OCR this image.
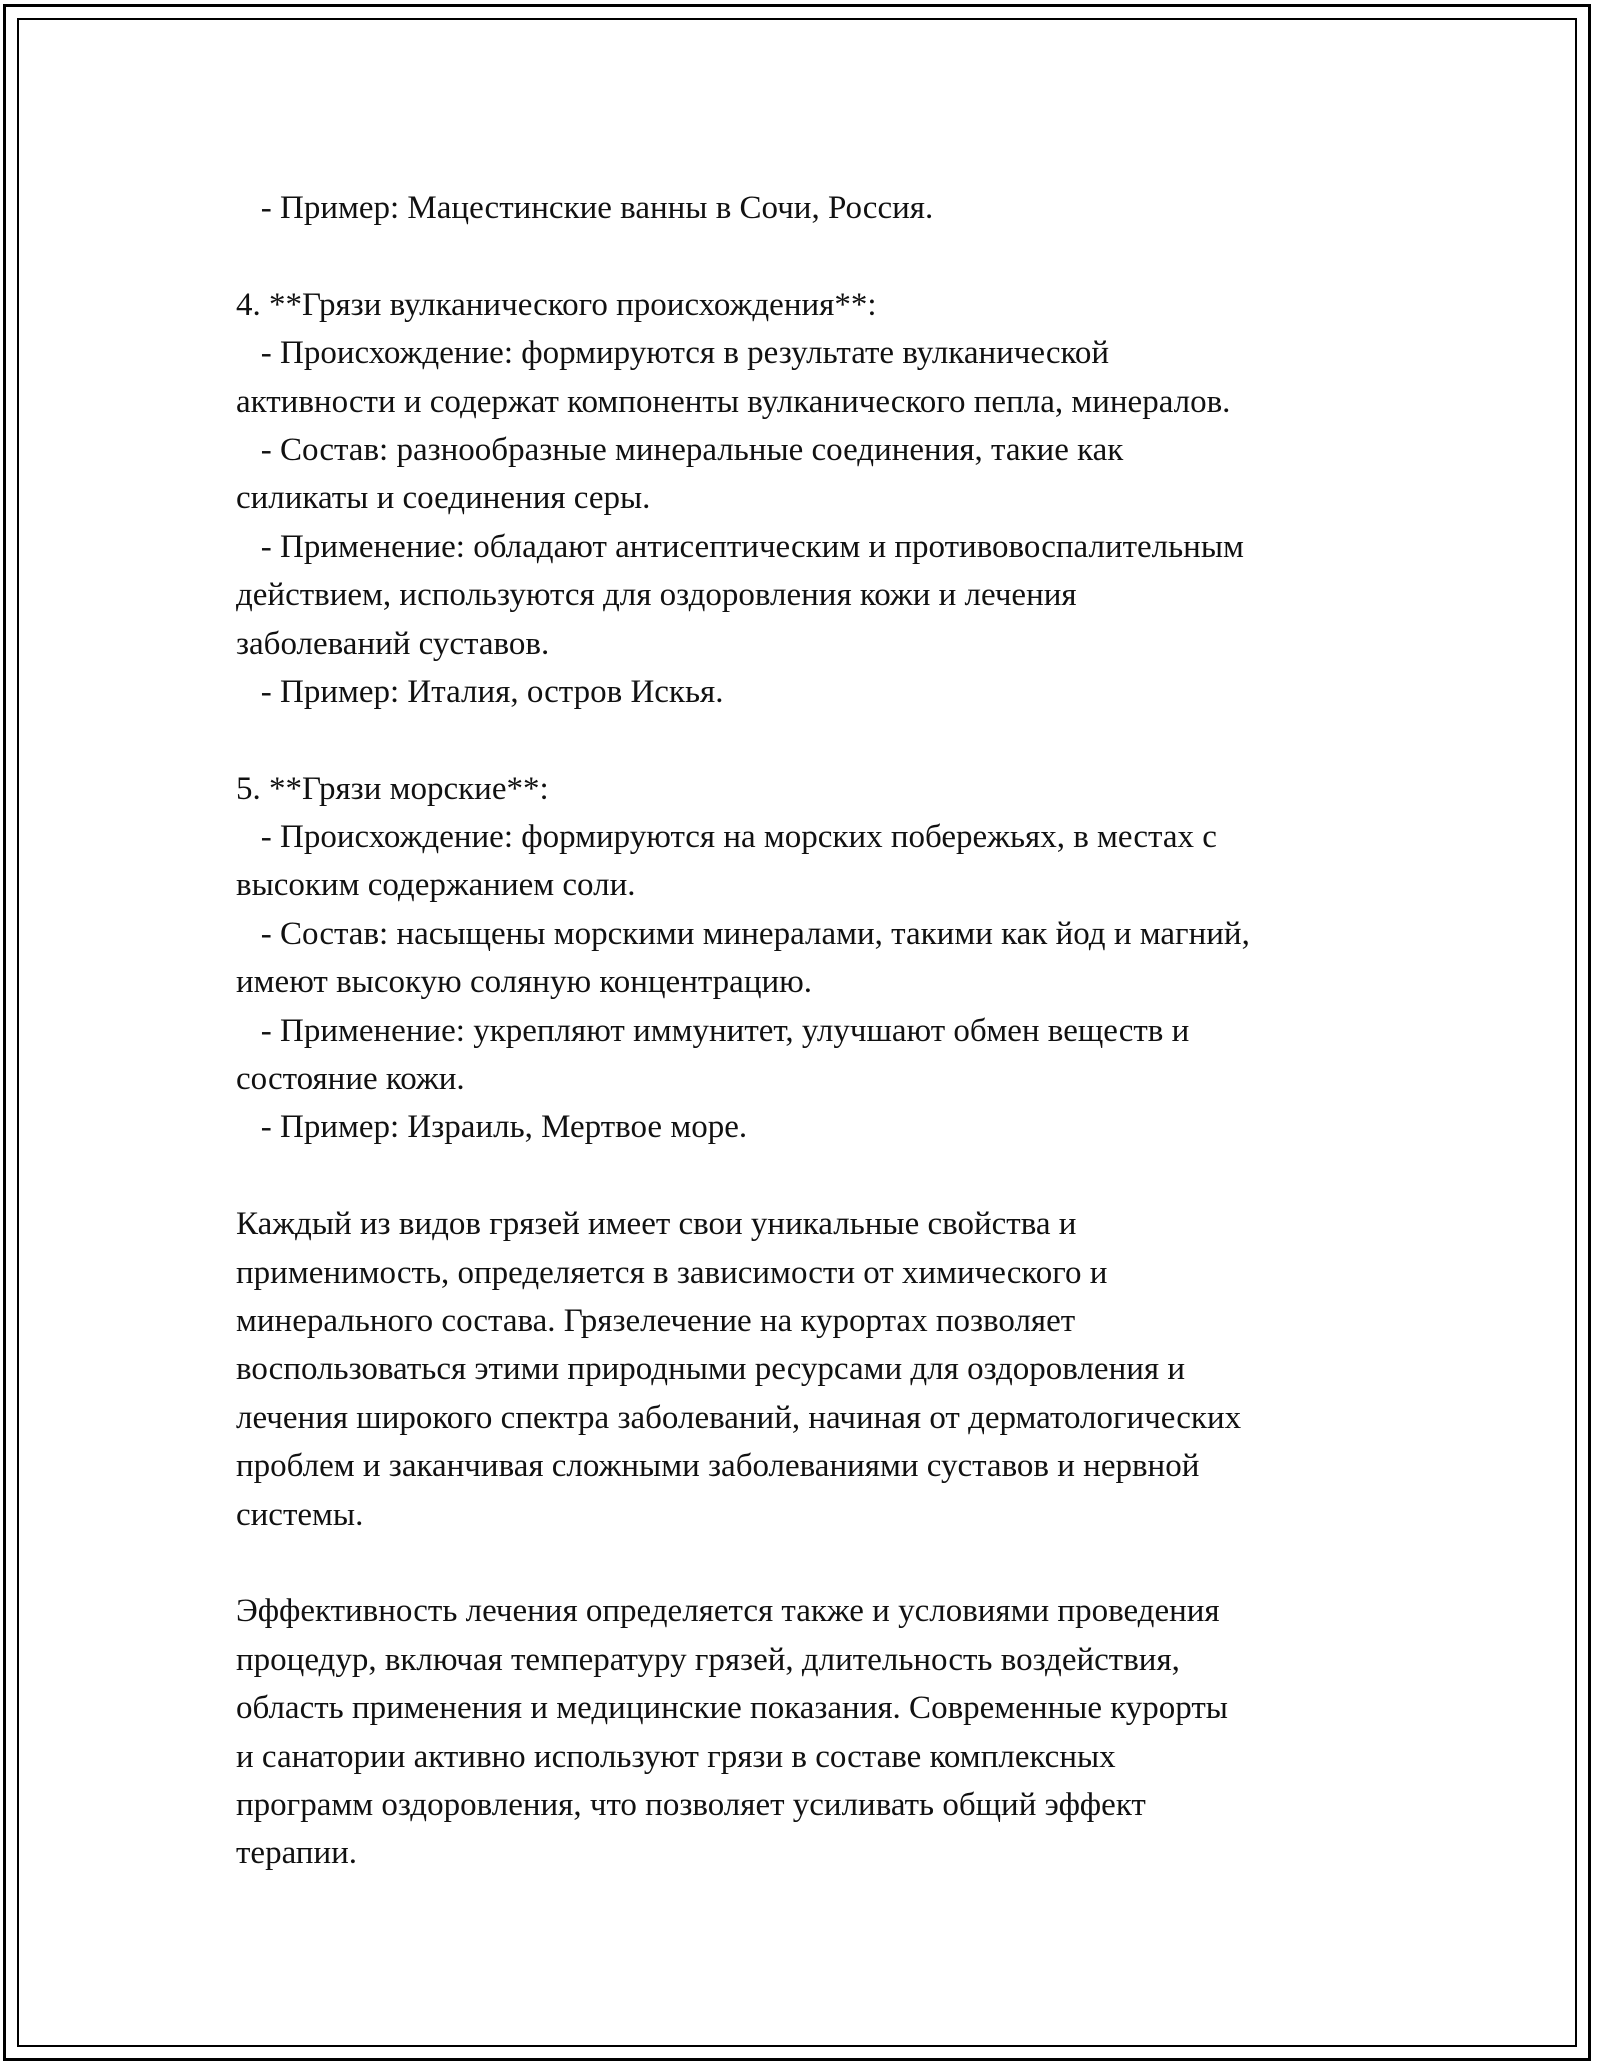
- Пример: Мацестинские ванны в Сочи, Россия.
4. **Грязи вулканического происхождения**:
- Происхождение: формируются в результате вулканической
активности и содержат компоненты вулканического пепла, минералов.
- Состав: разнообразные минеральные соединения, такие как
силикаты и соединения серы.
- Применение: обладают антисептическим и противовоспалительным
действием, используются для оздоровления кожи и лечения
заболеваний суставов.
- Пример: Италия, остров Искья.
5. **Грязи морские**:
- Происхождение: формируются на морских побережьях, в местах с
высоким содержанием соли.
- Состав: насыщены морскими минералами, такими как йод и магний,
имеют высокую соляную концентрацию.
- Применение: укрепляют иммунитет, улучшают обмен веществ и
состояние кожи.
- Пример: Израиль, Мертвое море.
Каждый из видов грязей имеет свои уникальные свойства и
применимость, определяется в зависимости от химического и
минерального состава. Грязелечение на курортах позволяет
воспользоваться этими природными ресурсами для оздоровления и
лечения широкого спектра заболеваний, начиная от дерматологических
проблем и заканчивая сложными заболеваниями суставов и нервной
системы.
Эффективность лечения определяется также и условиями проведения
процедур, включая температуру грязей, длительность воздействия,
область применения и медицинские показания. Современные курорты
и санатории активно используют грязи в составе комплексных
программ оздоровления, что позволяет усиливать общий эффект
терапии.
